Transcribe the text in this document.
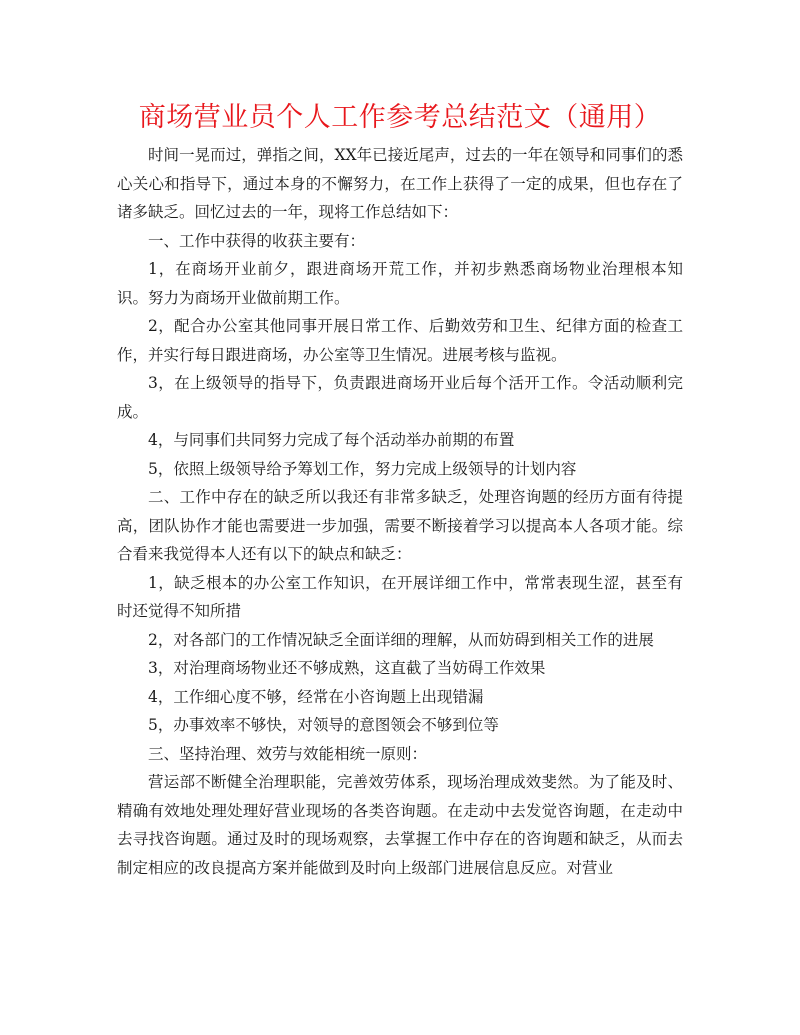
商场营业员个人工作参考总结范文（通用）

时间一晃而过，弹指之间，XX年已接近尾声，过去的一年在领导和同事们的悉心关心和指导下，通过本身的不懈努力，在工作上获得了一定的成果，但也存在了诸多缺乏。回忆过去的一年，现将工作总结如下：

一、工作中获得的收获主要有：

1，在商场开业前夕，跟进商场开荒工作，并初步熟悉商场物业治理根本知识。努力为商场开业做前期工作。

2，配合办公室其他同事开展日常工作、后勤效劳和卫生、纪律方面的检查工作，并实行每日跟进商场，办公室等卫生情况。进展考核与监视。

3，在上级领导的指导下，负责跟进商场开业后每个活开工作。令活动顺利完成。

4，与同事们共同努力完成了每个活动举办前期的布置

5，依照上级领导给予筹划工作，努力完成上级领导的计划内容

二、工作中存在的缺乏所以我还有非常多缺乏，处理咨询题的经历方面有待提高，团队协作才能也需要进一步加强，需要不断接着学习以提高本人各项才能。综合看来我觉得本人还有以下的缺点和缺乏：

1，缺乏根本的办公室工作知识，在开展详细工作中，常常表现生涩，甚至有时还觉得不知所措

2，对各部门的工作情况缺乏全面详细的理解，从而妨碍到相关工作的进展

3，对治理商场物业还不够成熟，这直截了当妨碍工作效果

4，工作细心度不够，经常在小咨询题上出现错漏

5，办事效率不够快，对领导的意图领会不够到位等

三、坚持治理、效劳与效能相统一原则：

营运部不断健全治理职能，完善效劳体系，现场治理成效斐然。为了能及时、精确有效地处理处理好营业现场的各类咨询题。在走动中去发觉咨询题，在走动中去寻找咨询题。通过及时的现场观察，去掌握工作中存在的咨询题和缺乏，从而去制定相应的改良提高方案并能做到及时向上级部门进展信息反应。对营业
